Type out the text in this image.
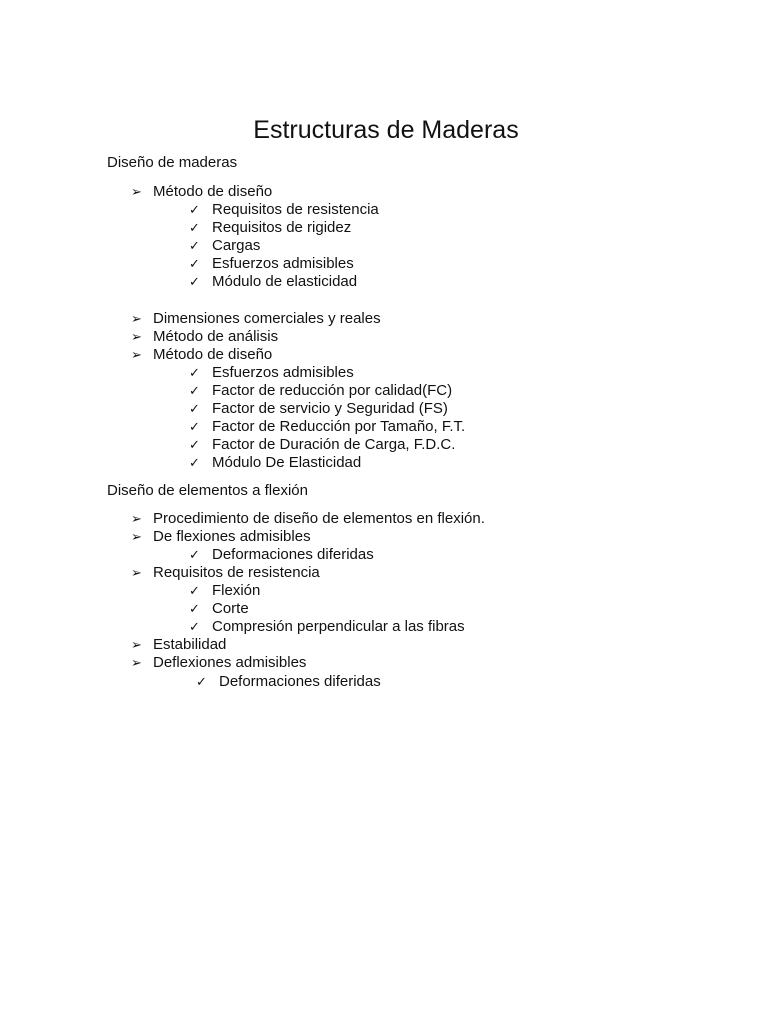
Estructuras de Maderas
Diseño de maderas
➢ Método de diseño
✓ Requisitos de resistencia
✓ Requisitos de rigidez
✓ Cargas
✓ Esfuerzos admisibles
✓ Módulo de elasticidad
➢ Dimensiones comerciales y reales
➢ Método de análisis
➢ Método de diseño
✓ Esfuerzos admisibles
✓ Factor de reducción por calidad(FC)
✓ Factor de servicio y Seguridad (FS)
✓ Factor de Reducción por Tamaño, F.T.
✓ Factor de Duración de Carga, F.D.C.
✓ Módulo De Elasticidad
Diseño de elementos a flexión
➢ Procedimiento de diseño de elementos en flexión.
➢ De flexiones admisibles
✓ Deformaciones diferidas
➢ Requisitos de resistencia
✓ Flexión
✓ Corte
✓ Compresión perpendicular a las fibras
➢ Estabilidad
➢ Deflexiones admisibles
✓ Deformaciones diferidas
